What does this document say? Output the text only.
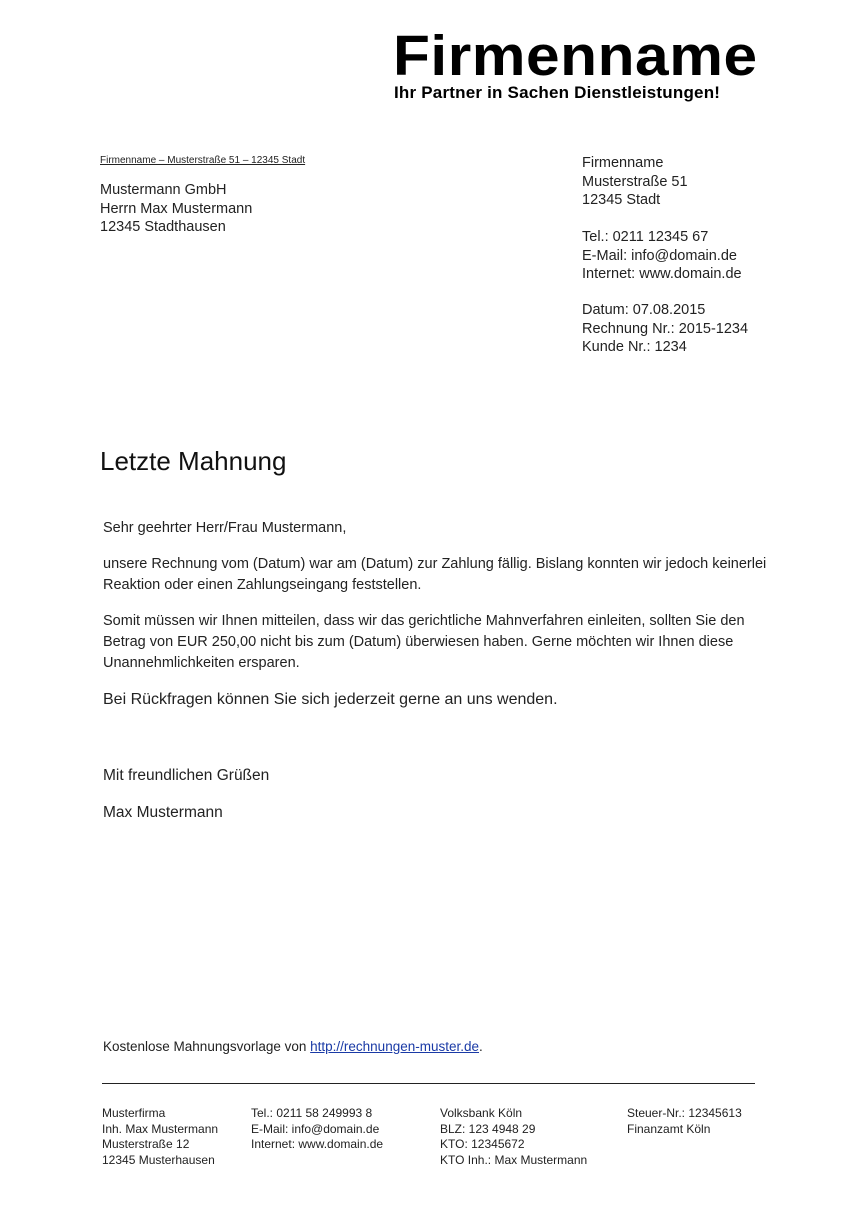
Firmenname
Ihr Partner in Sachen Dienstleistungen!
Firmenname – Musterstraße 51 – 12345 Stadt
Mustermann GmbH
Herrn Max Mustermann
12345 Stadthausen
Firmenname
Musterstraße 51
12345 Stadt
Tel.: 0211 12345 67
E-Mail: info@domain.de
Internet: www.domain.de
Datum: 07.08.2015
Rechnung Nr.: 2015-1234
Kunde Nr.: 1234
Letzte Mahnung
Sehr geehrter Herr/Frau Mustermann,
unsere Rechnung vom (Datum) war am (Datum) zur Zahlung fällig. Bislang konnten wir jedoch keinerlei Reaktion oder einen Zahlungseingang feststellen.
Somit müssen wir Ihnen mitteilen, dass wir das gerichtliche Mahnverfahren einleiten, sollten Sie den Betrag von EUR 250,00 nicht bis zum (Datum) überwiesen haben. Gerne möchten wir Ihnen diese Unannehmlichkeiten ersparen.
Bei Rückfragen können Sie sich jederzeit gerne an uns wenden.
Mit freundlichen Grüßen
Max Mustermann
Kostenlose Mahnungsvorlage von http://rechnungen-muster.de.
Musterfirma
Inh. Max Mustermann
Musterstraße 12
12345 Musterhausen
Tel.: 0211 58 249993 8
E-Mail: info@domain.de
Internet: www.domain.de
Volksbank Köln
BLZ: 123 4948 29
KTO: 12345672
KTO Inh.: Max Mustermann
Steuer-Nr.: 12345613
Finanzamt Köln
